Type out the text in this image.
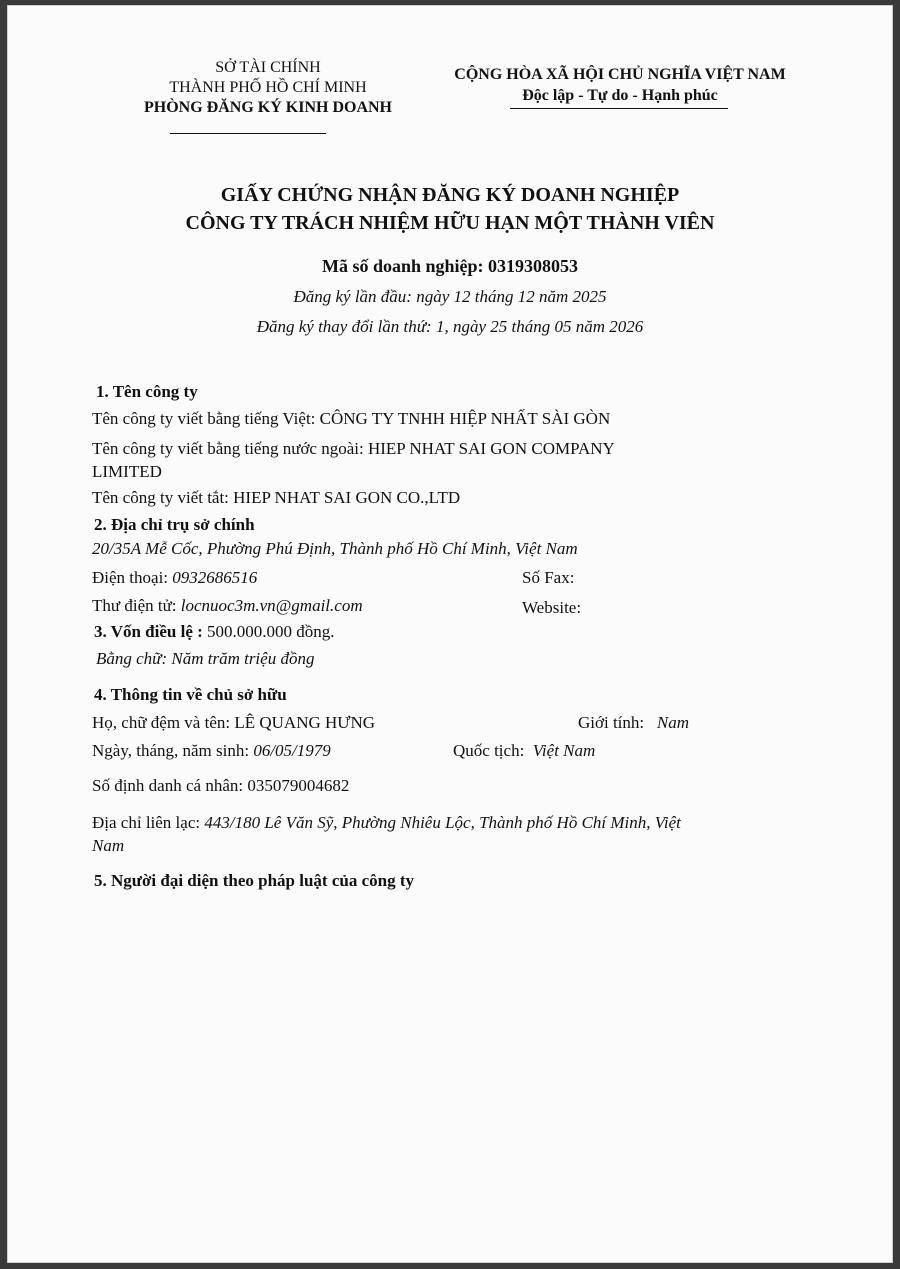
SỞ TÀI CHÍNH
THÀNH PHỐ HỒ CHÍ MINH
PHÒNG ĐĂNG KÝ KINH DOANH
CỘNG HÒA XÃ HỘI CHỦ NGHĨA VIỆT NAM
Độc lập - Tự do - Hạnh phúc
GIẤY CHỨNG NHẬN ĐĂNG KÝ DOANH NGHIỆP
CÔNG TY TRÁCH NHIỆM HỮU HẠN MỘT THÀNH VIÊN
Mã số doanh nghiệp: 0319308053
Đăng ký lần đầu: ngày 12 tháng 12 năm 2025
Đăng ký thay đổi lần thứ: 1, ngày 25 tháng 05 năm 2026
1. Tên công ty
Tên công ty viết bằng tiếng Việt: CÔNG TY TNHH HIỆP NHẤT SÀI GÒN
Tên công ty viết bằng tiếng nước ngoài: HIEP NHAT SAI GON COMPANY
LIMITED
Tên công ty viết tắt: HIEP NHAT SAI GON CO.,LTD
2. Địa chỉ trụ sở chính
20/35A Mễ Cốc, Phường Phú Định, Thành phố Hồ Chí Minh, Việt Nam
Điện thoại: 0932686516	Số Fax:
Thư điện tử: locnuoc3m.vn@gmail.com	Website:
3. Vốn điều lệ : 500.000.000 đồng.
Bằng chữ: Năm trăm triệu đồng
4. Thông tin về chủ sở hữu
Họ, chữ đệm và tên: LÊ QUANG HƯNG	Giới tính: Nam
Ngày, tháng, năm sinh: 06/05/1979	Quốc tịch: Việt Nam
Số định danh cá nhân: 035079004682
Địa chỉ liên lạc: 443/180 Lê Văn Sỹ, Phường Nhiêu Lộc, Thành phố Hồ Chí Minh, Việt
Nam
5. Người đại diện theo pháp luật của công ty
